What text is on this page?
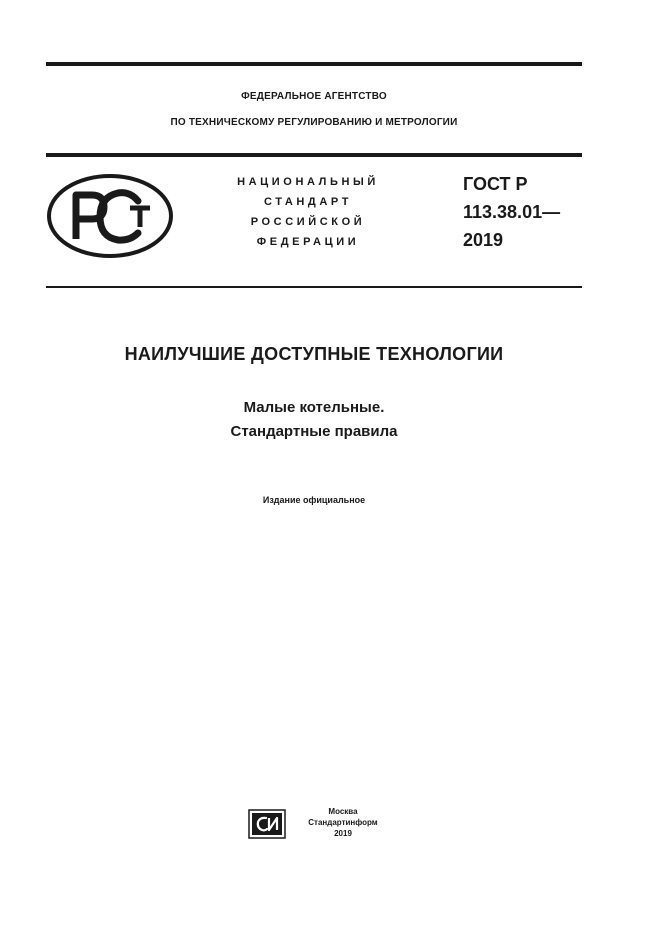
ФЕДЕРАЛЬНОЕ АГЕНТСТВО
ПО ТЕХНИЧЕСКОМУ РЕГУЛИРОВАНИЮ И МЕТРОЛОГИИ
НАЦИОНАЛЬНЫЙ
СТАНДАРТ
РОССИЙСКОЙ
ФЕДЕРАЦИИ
ГОСТ Р
113.38.01—
2019
НАИЛУЧШИЕ ДОСТУПНЫЕ ТЕХНОЛОГИИ
Малые котельные.
Стандартные правила
Издание официальное
Москва
Стандартинформ
2019
